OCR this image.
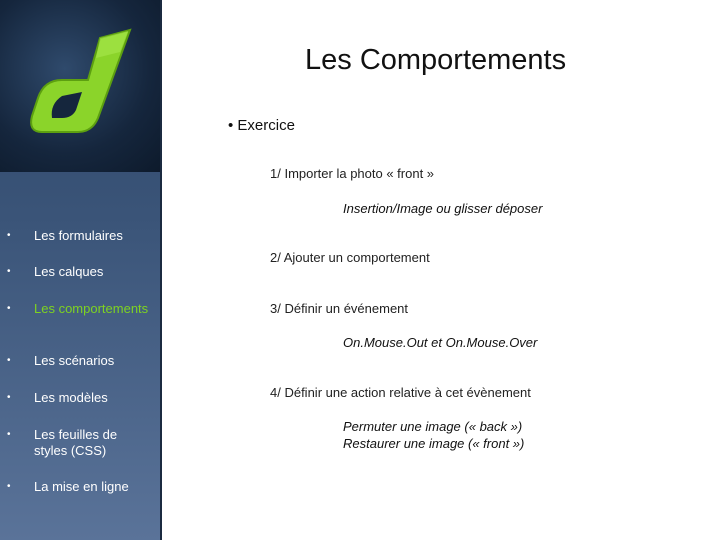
• Les formulaires
• Les calques
• Les comportements
• Les scénarios
• Les modèles
• Les feuilles de styles (CSS)
• La mise en ligne
Les Comportements
• Exercice
1/ Importer la photo « front »
Insertion/Image ou glisser déposer
2/ Ajouter un comportement
3/ Définir un événement
On.Mouse.Out et On.Mouse.Over
4/ Définir une action relative à cet évènement
Permuter une image (« back »)
Restaurer une image (« front »)
